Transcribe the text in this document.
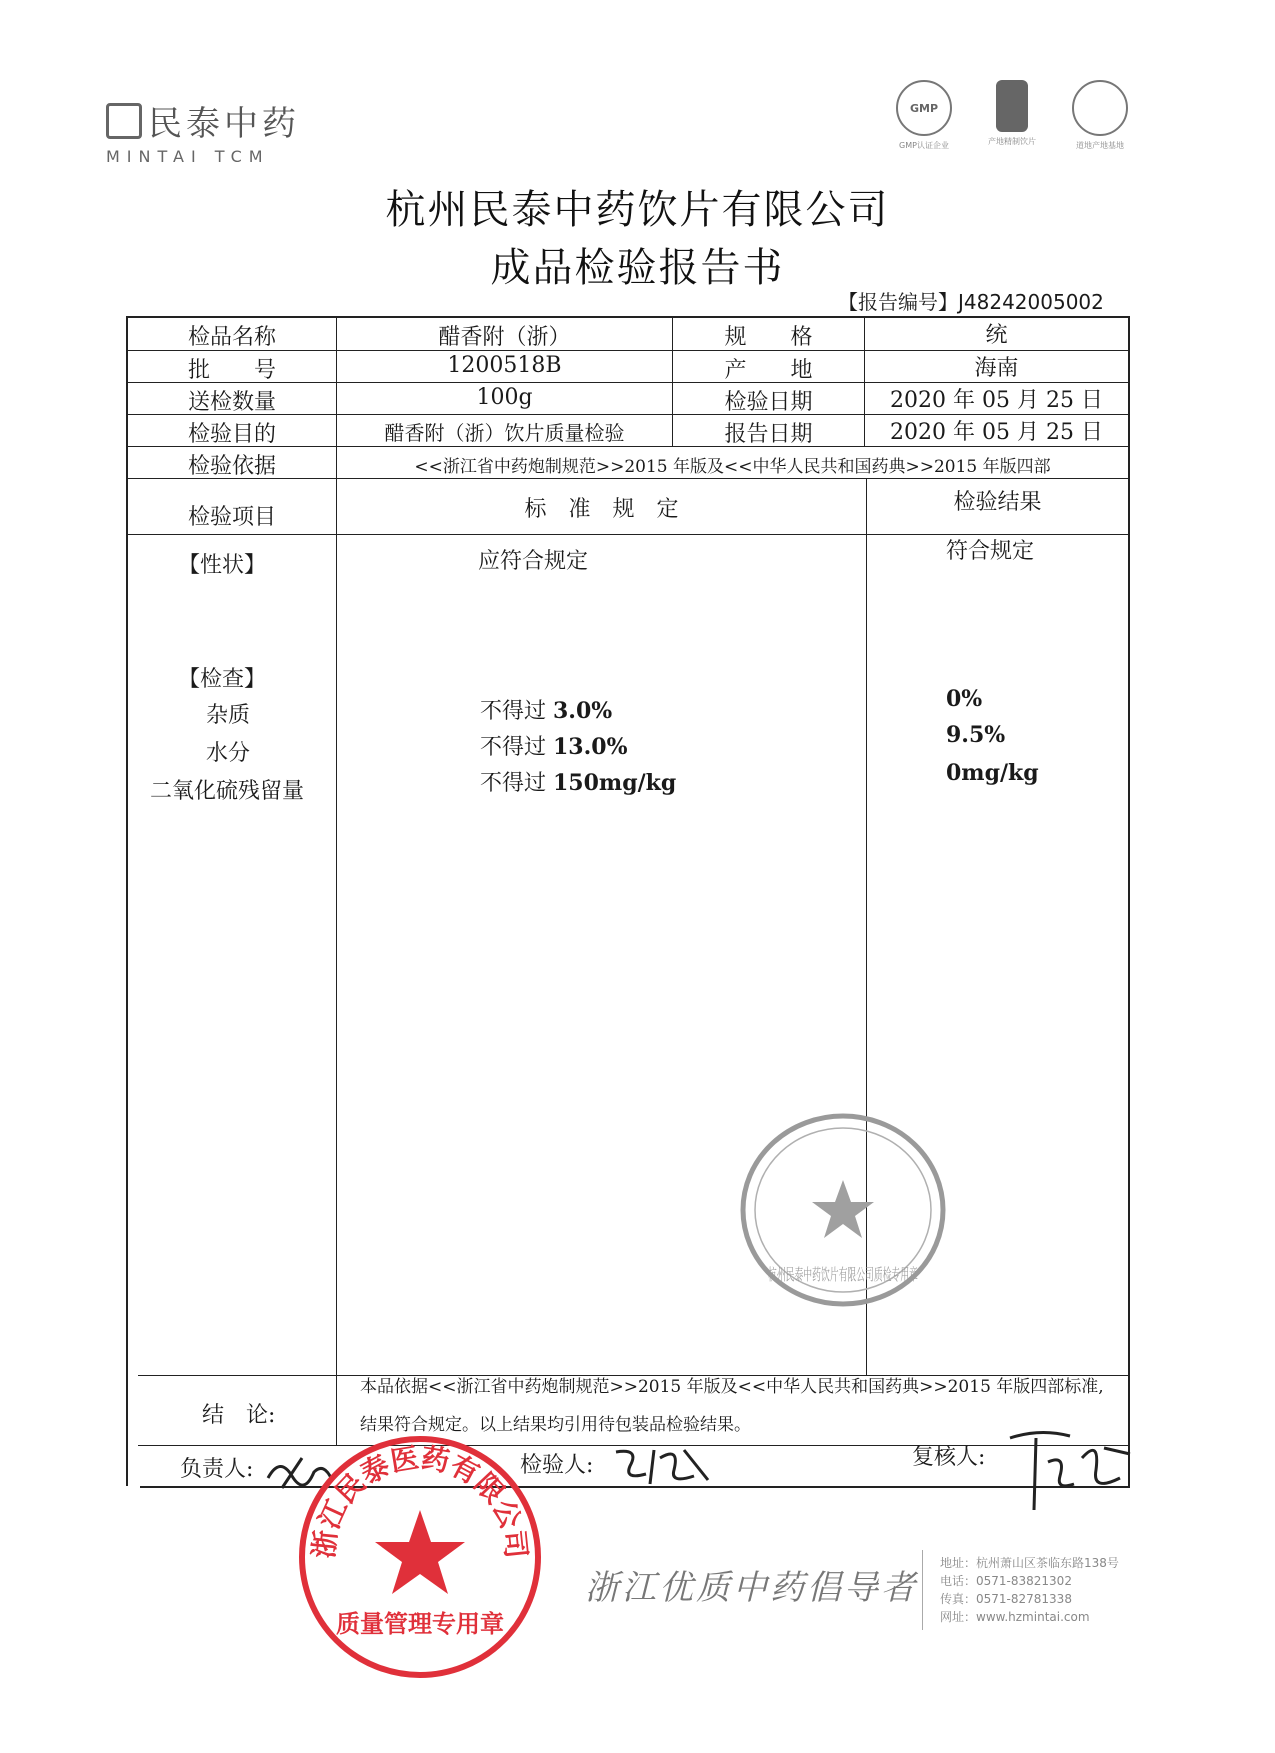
民泰中药
MINTAI TCM
GMP
GMP认证企业	产地精制饮片	道地产地基地
杭州民泰中药饮片有限公司
成品检验报告书
【报告编号】J48242005002
检品名称	醋香附（浙）	规　　格	统
批　　号	1200518B	产　　地	海南
送检数量	100g	检验日期	2020 年 05 月 25 日
检验目的	醋香附（浙）饮片质量检验	报告日期	2020 年 05 月 25 日
检验依据	<<浙江省中药炮制规范>>2015 年版及<<中华人民共和国药典>>2015 年版四部
检验项目	标　准　规　定	检验结果
【性状】	应符合规定	符合规定
【检查】
杂质	不得过 3.0%	0%
水分	不得过 13.0%	9.5%
二氧化硫残留量	不得过 150mg/kg	0mg/kg
杭州民泰中药饮片有限公司质检专用章
结　论:
本品依据<<浙江省中药炮制规范>>2015 年版及<<中华人民共和国药典>>2015 年版四部标准,
结果符合规定。以上结果均引用待包装品检验结果。
负责人:	检验人:	复核人:
浙江民泰医药有限公司
质量管理专用章
浙江优质中药倡导者
地址：杭州萧山区茶临东路138号
电话：0571-83821302
传真：0571-82781338
网址：www.hzmintai.com
